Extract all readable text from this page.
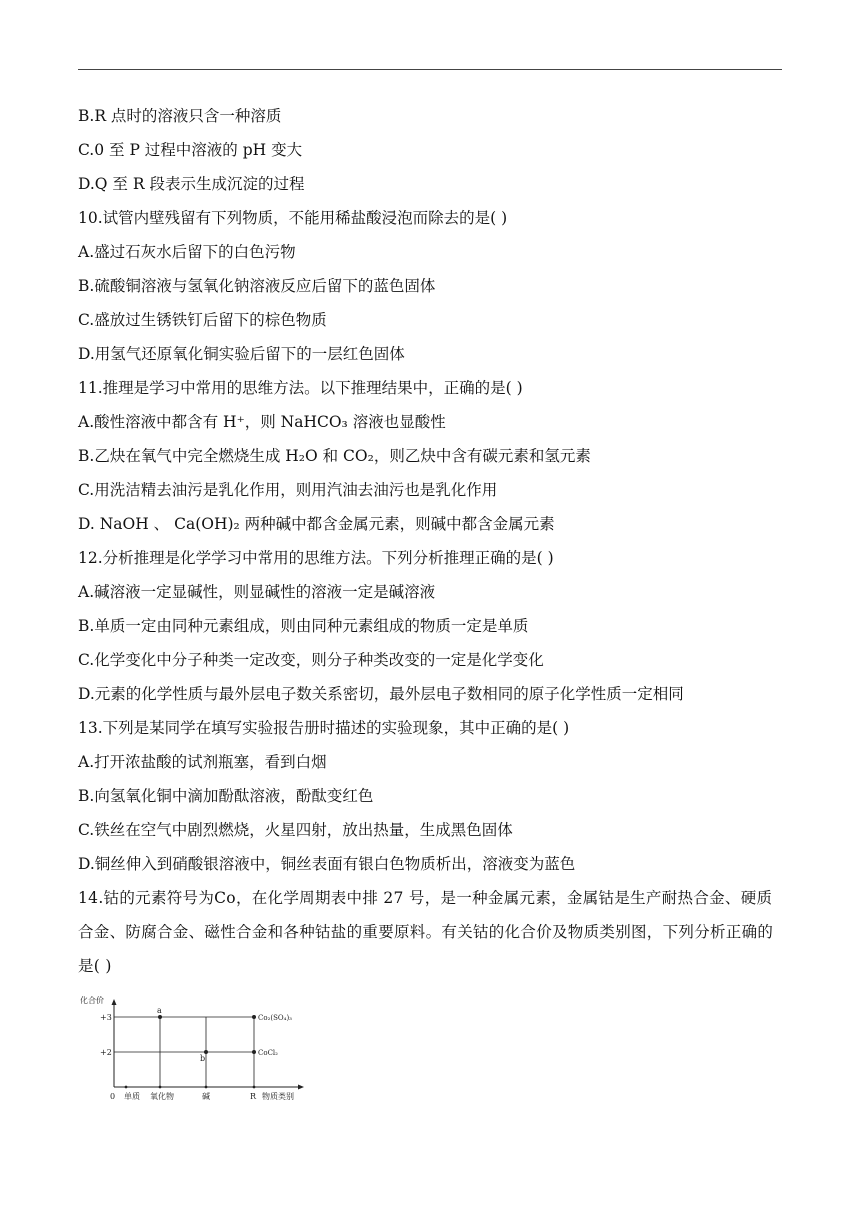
B.R 点时的溶液只含一种溶质
C.0 至 P 过程中溶液的 pH 变大
D.Q 至 R 段表示生成沉淀的过程
10.试管内壁残留有下列物质，不能用稀盐酸浸泡而除去的是( )
A.盛过石灰水后留下的白色污物
B.硫酸铜溶液与氢氧化钠溶液反应后留下的蓝色固体
C.盛放过生锈铁钉后留下的棕色物质
D.用氢气还原氧化铜实验后留下的一层红色固体
11.推理是学习中常用的思维方法。以下推理结果中，正确的是( )
A.酸性溶液中都含有 H⁺，则 NaHCO₃ 溶液也显酸性
B.乙炔在氧气中完全燃烧生成 H₂O 和 CO₂，则乙炔中含有碳元素和氢元素
C.用洗洁精去油污是乳化作用，则用汽油去油污也是乳化作用
D. NaOH 、 Ca(OH)₂ 两种碱中都含金属元素，则碱中都含金属元素
12.分析推理是化学学习中常用的思维方法。下列分析推理正确的是( )
A.碱溶液一定显碱性，则显碱性的溶液一定是碱溶液
B.单质一定由同种元素组成，则由同种元素组成的物质一定是单质
C.化学变化中分子种类一定改变，则分子种类改变的一定是化学变化
D.元素的化学性质与最外层电子数关系密切，最外层电子数相同的原子化学性质一定相同
13.下列是某同学在填写实验报告册时描述的实验现象，其中正确的是( )
A.打开浓盐酸的试剂瓶塞，看到白烟
B.向氢氧化铜中滴加酚酞溶液，酚酞变红色
C.铁丝在空气中剧烈燃烧，火星四射，放出热量，生成黑色固体
D.铜丝伸入到硝酸银溶液中，铜丝表面有银白色物质析出，溶液变为蓝色
14.钴的元素符号为Co，在化学周期表中排 27 号，是一种金属元素，金属钴是生产耐热合金、硬质合金、防腐合金、磁性合金和各种钴盐的重要原料。有关钴的化合价及物质类别图，下列分析正确的是( )
化合价
+3
+2
0 单质 氧化物	碱	R 物质类别
a
b
Co₂(SO₄)₃
CoCl₂
